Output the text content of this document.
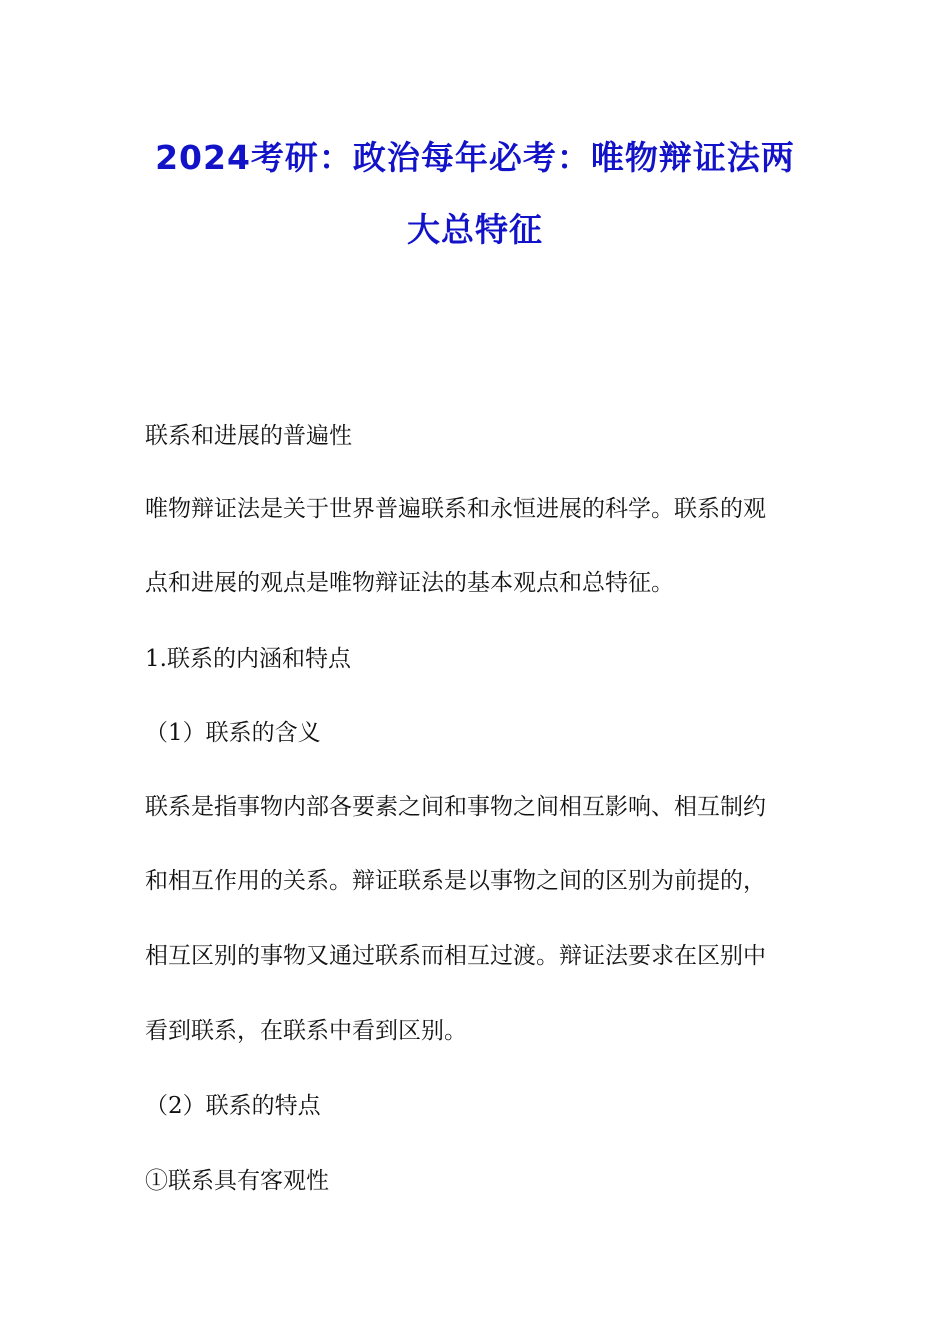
2024考研：政治每年必考：唯物辩证法两
大总特征
联系和进展的普遍性
唯物辩证法是关于世界普遍联系和永恒进展的科学。联系的观
点和进展的观点是唯物辩证法的基本观点和总特征。
1.联系的内涵和特点
（1）联系的含义
联系是指事物内部各要素之间和事物之间相互影响、相互制约
和相互作用的关系。辩证联系是以事物之间的区别为前提的，
相互区别的事物又通过联系而相互过渡。辩证法要求在区别中
看到联系，在联系中看到区别。
（2）联系的特点
①联系具有客观性
